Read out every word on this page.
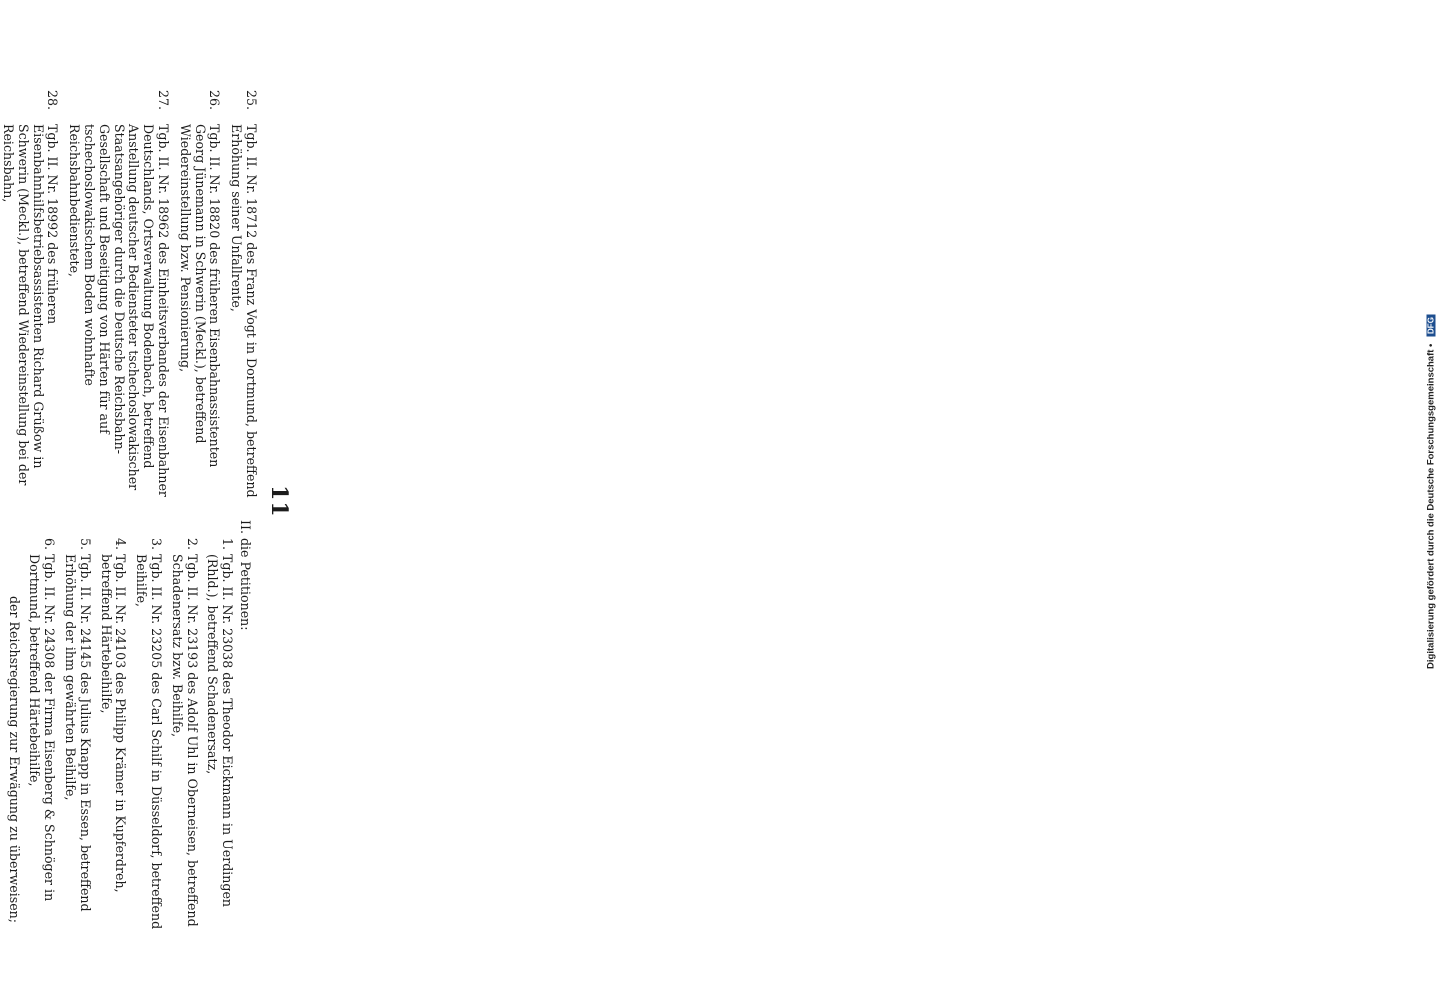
11
25.
Tgb. II. Nr. 18712 des Franz Vogt in Dortmund, betreffend Erhöhung seiner Unfallrente,
26.
Tgb. II. Nr. 18820 des früheren Eisenbahnassistenten Georg Jünemann in Schwerin (Meckl.), betreffend Wiedereinstellung bzw. Pensionierung,
27.
Tgb. II. Nr. 18962 des Einheitsverbandes der Eisenbahner Deutschlands, Ortsverwaltung Bodenbach, betreffend Anstellung deutscher Bediensteter tschechoslowakischer Staatsangehöriger durch die Deutsche Reichsbahn-Gesellschaft und Beseitigung von Härten für auf tschechoslowakischem Boden wohnhafte Reichsbahnbedienstete,
28.
Tgb. II. Nr. 18992 des früheren Eisenbahnhilfsbetriebsassistenten Richard Grüßow in Schwerin (Meckl.), betreffend Wiedereinstellung bei der Reichsbahn,
II. die Petitionen:
1.
Tgb. II. Nr. 23038 des Theodor Eickmann in Uerdingen (Rhld.), betreffend Schadenersatz,
2.
Tgb. II. Nr. 23193 des Adolf Uhl in Oberneisen, betreffend Schadenersatz bzw. Beihilfe,
3.
Tgb. II. Nr. 23205 des Carl Schilf in Düsseldorf, betreffend Beihilfe,
4.
Tgb. II. Nr. 24103 des Philipp Krämer in Kupferdreh, betreffend Härtebeihilfe,
5.
Tgb. II. Nr. 24145 des Julius Knapp in Essen, betreffend Erhöhung der ihm gewährten Beihilfe,
6.
Tgb. II. Nr. 24308 der Firma Eisenberg & Schnöger in Dortmund, betreffend Härtebeihilfe,
der Reichsregierung zur Erwägung zu überweisen;
Digitalisierung gefördert durch die Deutsche Forschungsgemeinschaft • DFG
